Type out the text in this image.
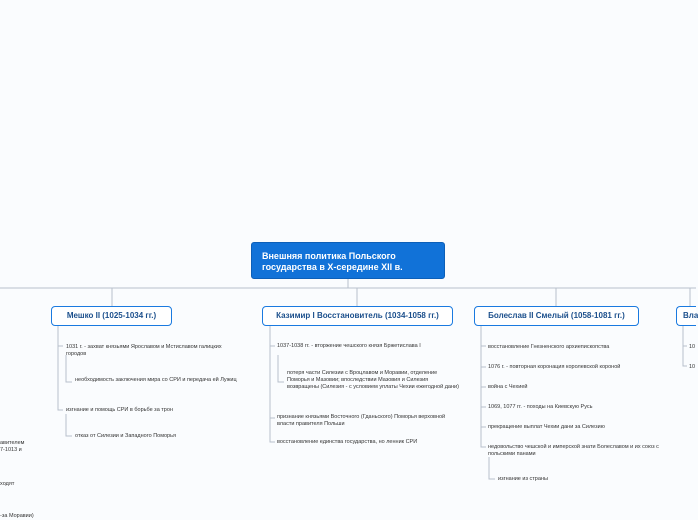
Внешняя политика Польского государства в X-середине XII в.
Мешко II (1025-1034 гг.)
1031 г. - захват князьями Ярославом и Мстиславом галицких городов
необходимость заключения мира со СРИ и передача ей Лужиц
изгнание и помощь СРИ в борьбе за трон
отказ от Силезии и Западного Поморья
Казимир I Восстановитель (1034-1058 гг.)
1037-1038 гг. - вторжение чешского князя Бржетислава I
потеря части Силезии с Вроцлавом и Моравии, отделение Поморья и Мазовии; впоследствии Мазовия и Силезия возвращены (Силезия - с условием уплаты Чехии ежегодной дани)
признание князьями Восточного (Гданьского) Поморья верховной власти правителя Польши
восстановление единства государства, но ленник СРИ
Болеслав II Смелый (1058-1081 гг.)
восстановление Гнезненского архиепископства
1076 г. - повторная коронация королевской короной
война с Чехией
1069, 1077 гг. - походы на Киевскую Русь
прекращение выплат Чехии дани за Силезию
недовольство чешской и имперской знати Болеславом и их союз с польскими панами
изгнание из страны
Вла
10
10
авителем
7-1013 и
ходят
-за Моравии)
